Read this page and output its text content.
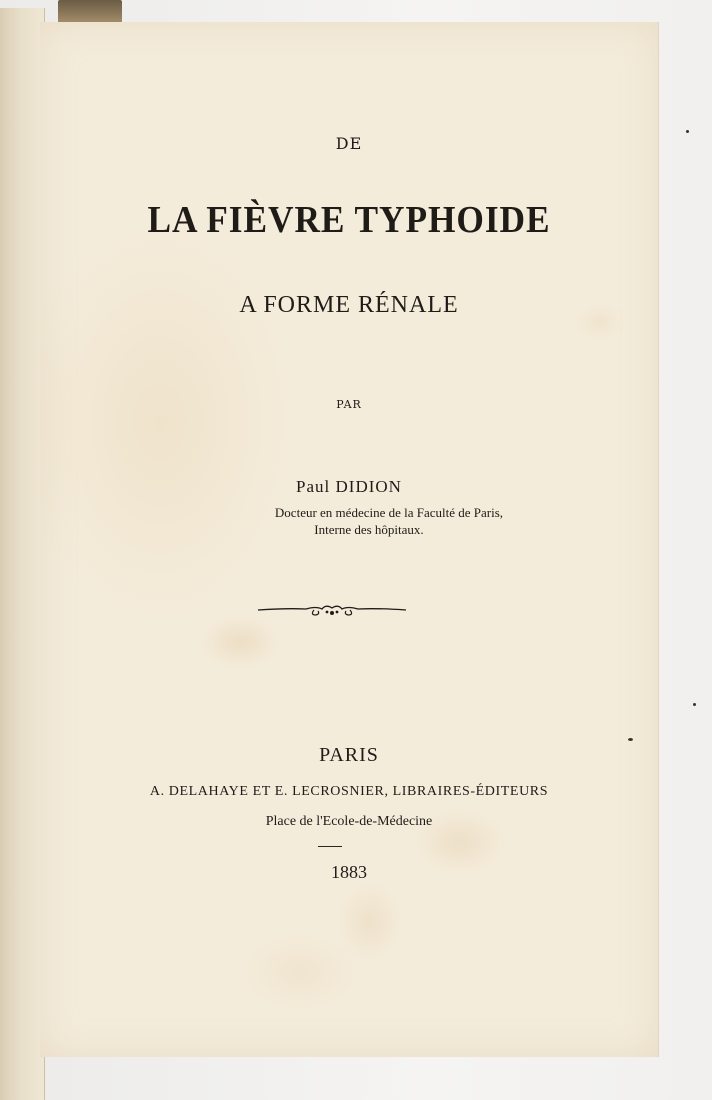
DE
LA FIÈVRE TYPHOIDE
A FORME RÉNALE
PAR
Paul DIDION
Docteur en médecine de la Faculté de Paris,
Interne des hôpitaux.
PARIS
A. DELAHAYE ET E. LECROSNIER, LIBRAIRES-ÉDITEURS
Place de l'Ecole-de-Médecine
1883
